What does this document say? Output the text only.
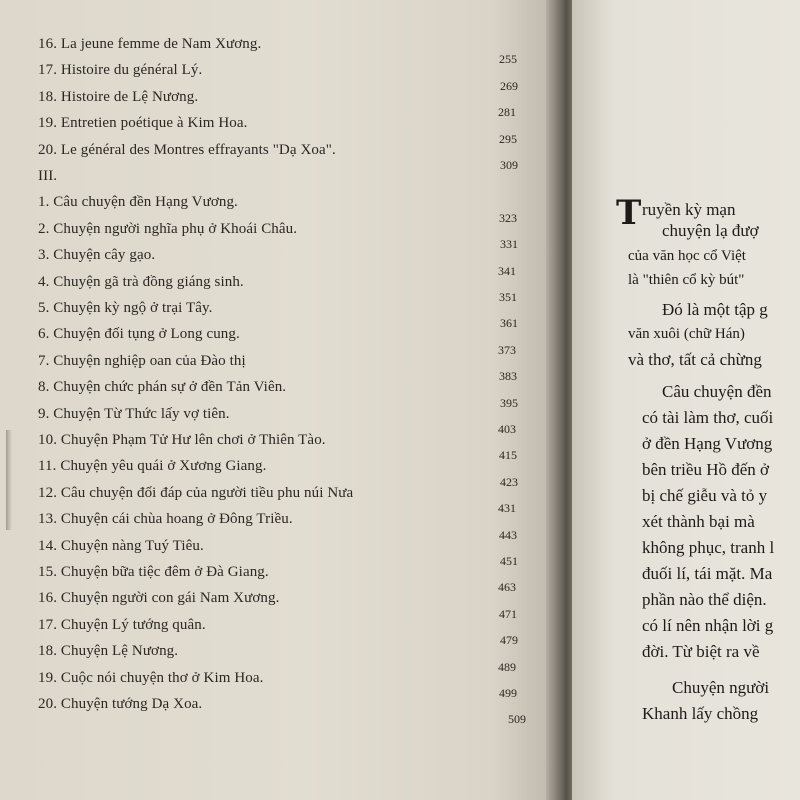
16. La jeune femme de Nam Xương.
17. Histoire du général Lý.
255
18. Histoire de Lệ Nương.
269
19. Entretien poétique à Kim Hoa.
281
20. Le général des Montres effrayants "Dạ Xoa".
295
III.
309
1. Câu chuyện đền Hạng Vương.
2. Chuyện người nghĩa phụ ở Khoái Châu.
323
3. Chuyện cây gạo.
331
4. Chuyện gã trà đồng giáng sinh.
341
5. Chuyện kỳ ngộ ở trại Tây.
351
6. Chuyện đối tụng ở Long cung.
361
7. Chuyện nghiệp oan của Đào thị
373
8. Chuyện chức phán sự ở đền Tản Viên.
383
9. Chuyện Từ Thức lấy vợ tiên.
395
10. Chuyện Phạm Tử Hư lên chơi ở Thiên Tào.
403
11. Chuyện yêu quái ở Xương Giang.
415
12. Câu chuyện đối đáp của người tiều phu núi Nưa
423
13. Chuyện cái chùa hoang ở Đông Triều.
431
14. Chuyện nàng Tuý Tiêu.
443
15. Chuyện bữa tiệc đêm ở Đà Giang.
451
16. Chuyện người con gái Nam Xương.
463
17. Chuyện Lý tướng quân.
471
18. Chuyện Lệ Nương.
479
19. Cuộc nói chuyện thơ ở Kim Hoa.
489
20. Chuyện tướng Dạ Xoa.
499
509
T ruyền kỳ mạn
chuyện lạ đượ
của văn học cổ Việt
là "thiên cổ kỳ bút"
Đó là một tập g
văn xuôi (chữ Hán)
và thơ, tất cả chừng
Câu chuyện đền
có tài làm thơ, cuối
ở đền Hạng Vương
bên triều Hồ đến ở
bị chế giễu và tỏ y
xét thành bại mà
không phục, tranh l
đuối lí, tái mặt. Ma
phần nào thể diện.
có lí nên nhận lời g
đời. Từ biệt ra về
Chuyện người
Khanh lấy chồng
